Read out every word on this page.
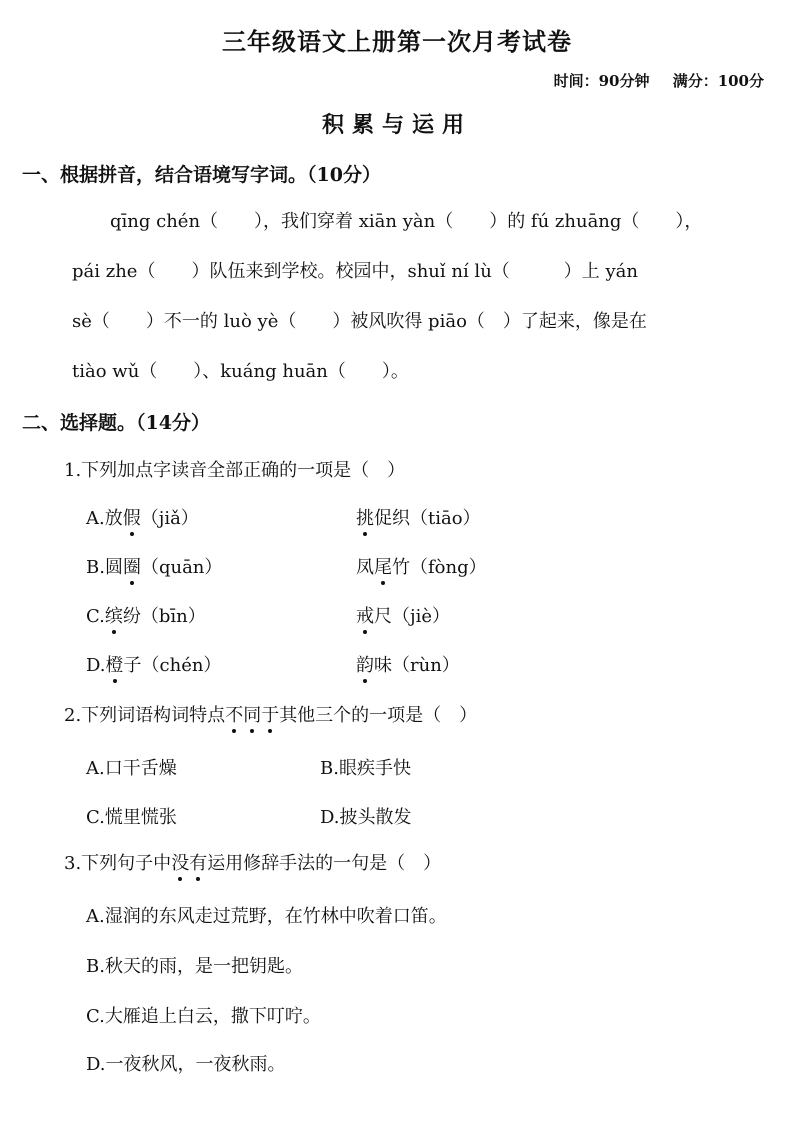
三年级语文上册第一次月考试卷
时间：90分钟 满分：100分
积累与运用
一、根据拼音，结合语境写字词。（10分）
qīng chén（　　），我们穿着 xiān yàn（　　）的 fú zhuāng（　　），
pái zhe（　　）队伍来到学校。校园中，shuǐ ní lù（　　　）上 yán
sè（　　）不一的 luò yè（　　）被风吹得 piāo（　）了起来，像是在
tiào wǔ（　　）、kuáng huān（　　）。
二、选择题。（14分）
1.下列加点字读音全部正确的一项是（　）
A.放假（jiǎ）	挑促织（tiāo）
B.圆圈（quān）	凤尾竹（fòng）
C.缤纷（bīn）	戒尺（jiè）
D.橙子（chén）	韵味（rùn）
2.下列词语构词特点不同于其他三个的一项是（　）
A.口干舌燥	B.眼疾手快
C.慌里慌张	D.披头散发
3.下列句子中没有运用修辞手法的一句是（　）
A.湿润的东风走过荒野，在竹林中吹着口笛。
B.秋天的雨，是一把钥匙。
C.大雁追上白云，撒下叮咛。
D.一夜秋风，一夜秋雨。
